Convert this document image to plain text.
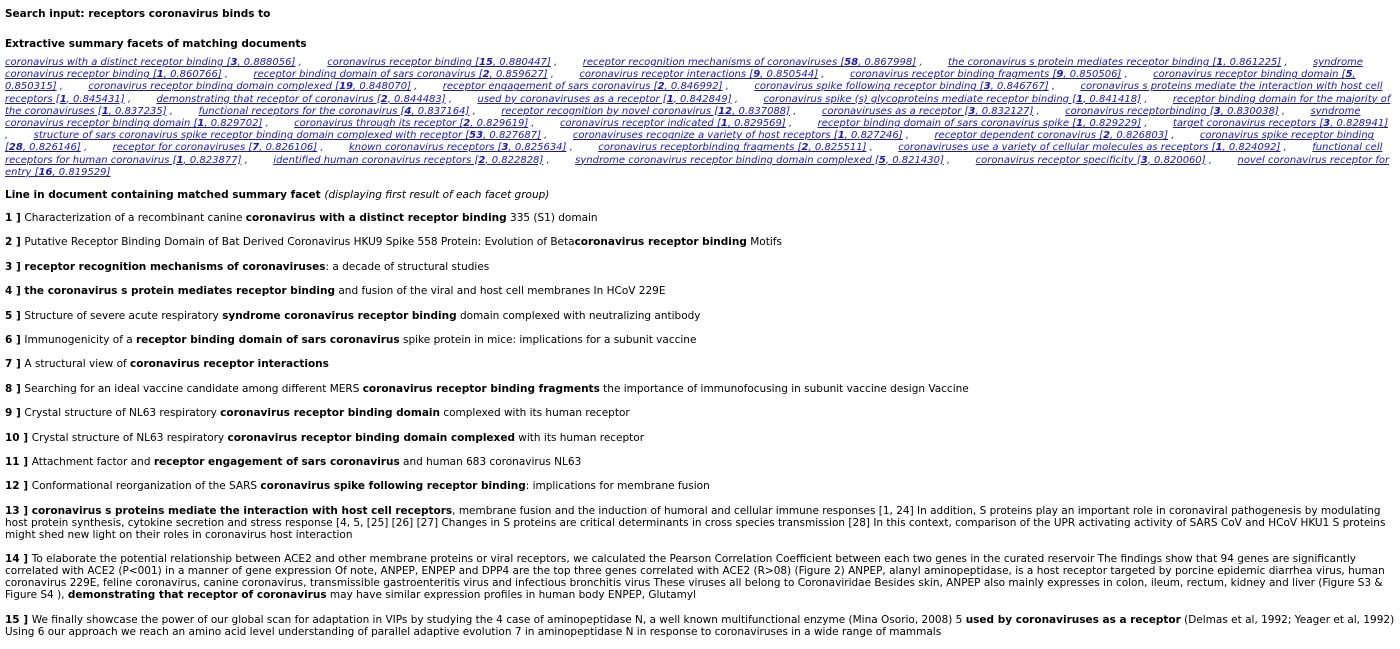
Search input: receptors coronavirus binds to
Extractive summary facets of matching documents
coronavirus with a distinct receptor binding [3, 0.888056] ,        coronavirus receptor binding [15, 0.880447] ,        receptor recognition mechanisms of coronaviruses [58, 0.867998] ,        the coronavirus s protein mediates receptor binding [1, 0.861225] ,        syndrome coronavirus receptor binding [1, 0.860766] ,        receptor binding domain of sars coronavirus [2, 0.859627] ,        coronavirus receptor interactions [9, 0.850544] ,        coronavirus receptor binding fragments [9, 0.850506] ,        coronavirus receptor binding domain [5, 0.850315] ,        coronavirus receptor binding domain complexed [19, 0.848070] ,        receptor engagement of sars coronavirus [2, 0.846992] ,        coronavirus spike following receptor binding [3, 0.846767] ,        coronavirus s proteins mediate the interaction with host cell receptors [1, 0.845431] ,        demonstrating that receptor of coronavirus [2, 0.844483] ,        used by coronaviruses as a receptor [1, 0.842849] ,        coronavirus spike (s) glycoproteins mediate receptor binding [1, 0.841418] ,        receptor binding domain for the majority of the coronaviruses [1, 0.837235] ,        functional receptors for the coronavirus [4, 0.837164] ,        receptor recognition by novel coronavirus [12, 0.837088] ,        coronaviruses as a receptor [3, 0.832127] ,        coronavirus receptorbinding [3, 0.830038] ,        syndrome coronavirus receptor binding domain [1, 0.829702] ,        coronavirus through its receptor [2, 0.829619] ,        coronavirus receptor indicated [1, 0.829569] ,        receptor binding domain of sars coronavirus spike [1, 0.829229] ,        target coronavirus receptors [3, 0.828941] ,        structure of sars coronavirus spike receptor binding domain complexed with receptor [53, 0.827687] ,        coronaviruses recognize a variety of host receptors [1, 0.827246] ,        receptor dependent coronavirus [2, 0.826803] ,        coronavirus spike receptor binding [28, 0.826146] ,        receptor for coronaviruses [7, 0.826106] ,        known coronavirus receptors [3, 0.825634] ,        coronavirus receptorbinding fragments [2, 0.825511] ,        coronaviruses use a variety of cellular molecules as receptors [1, 0.824092] ,        functional cell receptors for human coronavirus [1, 0.823877] ,        identified human coronavirus receptors [2, 0.822828] ,        syndrome coronavirus receptor binding domain complexed [5, 0.821430] ,        coronavirus receptor specificity [3, 0.820060] ,        novel coronavirus receptor for entry [16, 0.819529]
Line in document containing matched summary facet (displaying first result of each facet group)

1 ] Characterization of a recombinant canine coronavirus with a distinct receptor binding 335 (S1) domain

2 ] Putative Receptor Binding Domain of Bat Derived Coronavirus HKU9 Spike 558 Protein: Evolution of Betacoronavirus receptor binding Motifs

3 ] receptor recognition mechanisms of coronaviruses: a decade of structural studies

4 ] the coronavirus s protein mediates receptor binding and fusion of the viral and host cell membranes In HCoV 229E

5 ] Structure of severe acute respiratory syndrome coronavirus receptor binding domain complexed with neutralizing antibody

6 ] Immunogenicity of a receptor binding domain of sars coronavirus spike protein in mice: implications for a subunit vaccine

7 ] A structural view of coronavirus receptor interactions

8 ] Searching for an ideal vaccine candidate among different MERS coronavirus receptor binding fragments the importance of immunofocusing in subunit vaccine design Vaccine

9 ] Crystal structure of NL63 respiratory coronavirus receptor binding domain complexed with its human receptor

10 ] Crystal structure of NL63 respiratory coronavirus receptor binding domain complexed with its human receptor

11 ] Attachment factor and receptor engagement of sars coronavirus and human 683 coronavirus NL63

12 ] Conformational reorganization of the SARS coronavirus spike following receptor binding: implications for membrane fusion

13 ] coronavirus s proteins mediate the interaction with host cell receptors, membrane fusion and the induction of humoral and cellular immune responses [1, 24] In addition, S proteins play an important role in coronaviral pathogenesis by modulating host protein synthesis, cytokine secretion and stress response [4, 5, [25] [26] [27] Changes in S proteins are critical determinants in cross species transmission [28] In this context, comparison of the UPR activating activity of SARS CoV and HCoV HKU1 S proteins might shed new light on their roles in coronavirus host interaction

14 ] To elaborate the potential relationship between ACE2 and other membrane proteins or viral receptors, we calculated the Pearson Correlation Coefficient between each two genes in the curated reservoir The findings show that 94 genes are significantly correlated with ACE2 (P<001) in a manner of gene expression Of note, ANPEP, ENPEP and DPP4 are the top three genes correlated with ACE2 (R>08) (Figure 2) ANPEP, alanyl aminopeptidase, is a host receptor targeted by porcine epidemic diarrhea virus, human coronavirus 229E, feline coronavirus, canine coronavirus, transmissible gastroenteritis virus and infectious bronchitis virus These viruses all belong to Coronaviridae Besides skin, ANPEP also mainly expresses in colon, ileum, rectum, kidney and liver (Figure S3 & Figure S4 ), demonstrating that receptor of coronavirus may have similar expression profiles in human body ENPEP, Glutamyl

15 ] We finally showcase the power of our global scan for adaptation in VIPs by studying the 4 case of aminopeptidase N, a well known multifunctional enzyme (Mina Osorio, 2008) 5 used by coronaviruses as a receptor (Delmas et al, 1992; Yeager et al, 1992) Using 6 our approach we reach an amino acid level understanding of parallel adaptive evolution 7 in aminopeptidase N in response to coronaviruses in a wide range of mammals
